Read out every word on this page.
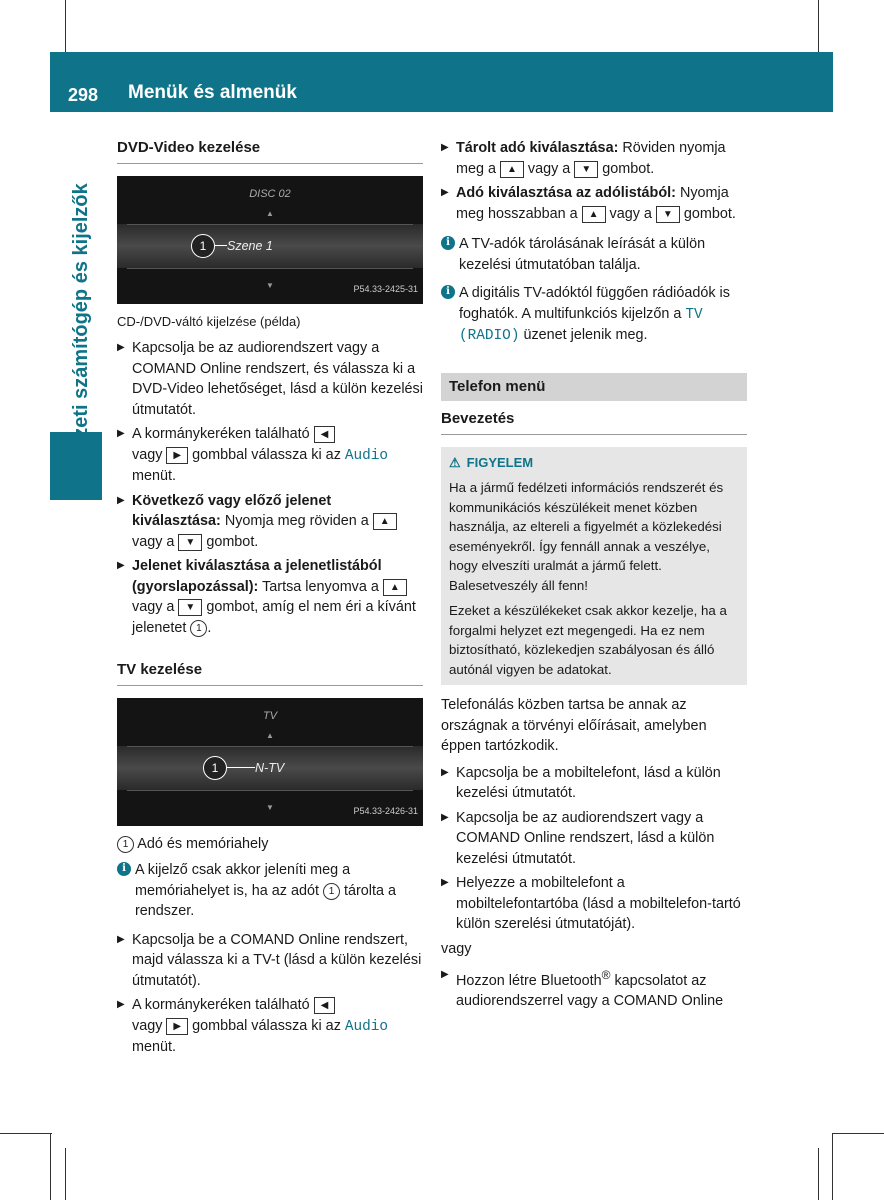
298	Menük és almenük
Fedélzeti számítógép és kijelzők
DVD-Video kezelése
DISC 02
▲
1	Szene 1
▼	P54.33-2425-31
CD-/DVD-váltó kijelzése (példa)
▶ Kapcsolja be az audiorendszert vagy a COMAND Online rendszert, és válassza ki a DVD-Video lehetőséget, lásd a külön kezelési útmutatót.
▶ A kormánykeréken található ◀
vagy ▶ gombbal válassza ki az Audio menüt.
▶ Következő vagy előző jelenet kiválasztása: Nyomja meg röviden a ▲ vagy a ▼ gombot.
▶ Jelenet kiválasztása a jelenetlistából (gyorslapozással): Tartsa lenyomva a ▲ vagy a ▼ gombot, amíg el nem éri a kívánt jelenetet 1 .
TV kezelése
TV
▲
1	N-TV
▼	P54.33-2426-31

1 Adó és memóriahely

i A kijelző csak akkor jeleníti meg a memóriahelyet is, ha az adót 1 tárolta a rendszer.
▶ Kapcsolja be a COMAND Online rendszert, majd válassza ki a TV-t (lásd a külön kezelési útmutatót).
▶ A kormánykeréken található ◀
vagy ▶ gombbal válassza ki az Audio menüt.
▶ Tárolt adó kiválasztása: Röviden nyomja meg a ▲ vagy a ▼ gombot.
▶ Adó kiválasztása az adólistából: Nyomja meg hosszabban a ▲ vagy a ▼ gombot.
i A TV-adók tárolásának leírását a külön kezelési útmutatóban találja.
i A digitális TV-adóktól függően rádióadók is foghatók. A multifunkciós kijelzőn a TV (RADIO) üzenet jelenik meg.
Telefon menü
Bevezetés
⚠ FIGYELEM

Ha a jármű fedélzeti információs rendszerét és kommunikációs készülékeit menet közben használja, az eltereli a figyelmét a közlekedési eseményekről. Így fennáll annak a veszélye, hogy elveszíti uralmát a jármű felett. Balesetveszély áll fenn!

Ezeket a készülékeket csak akkor kezelje, ha a forgalmi helyzet ezt megengedi. Ha ez nem biztosítható, közlekedjen szabályosan és álló autónál vigyen be adatokat.

Telefonálás közben tartsa be annak az országnak a törvényi előírásait, amelyben éppen tartózkodik.

▶ Kapcsolja be a mobiltelefont, lásd a külön kezelési útmutatót.
▶ Kapcsolja be az audiorendszert vagy a COMAND Online rendszert, lásd a külön kezelési útmutatót.
▶ Helyezze a mobiltelefont a mobiltelefontartóba (lásd a mobiltelefon-tartó külön szerelési útmutatóját).

vagy

▶ Hozzon létre Bluetooth® kapcsolatot az audiorendszerrel vagy a COMAND Online
